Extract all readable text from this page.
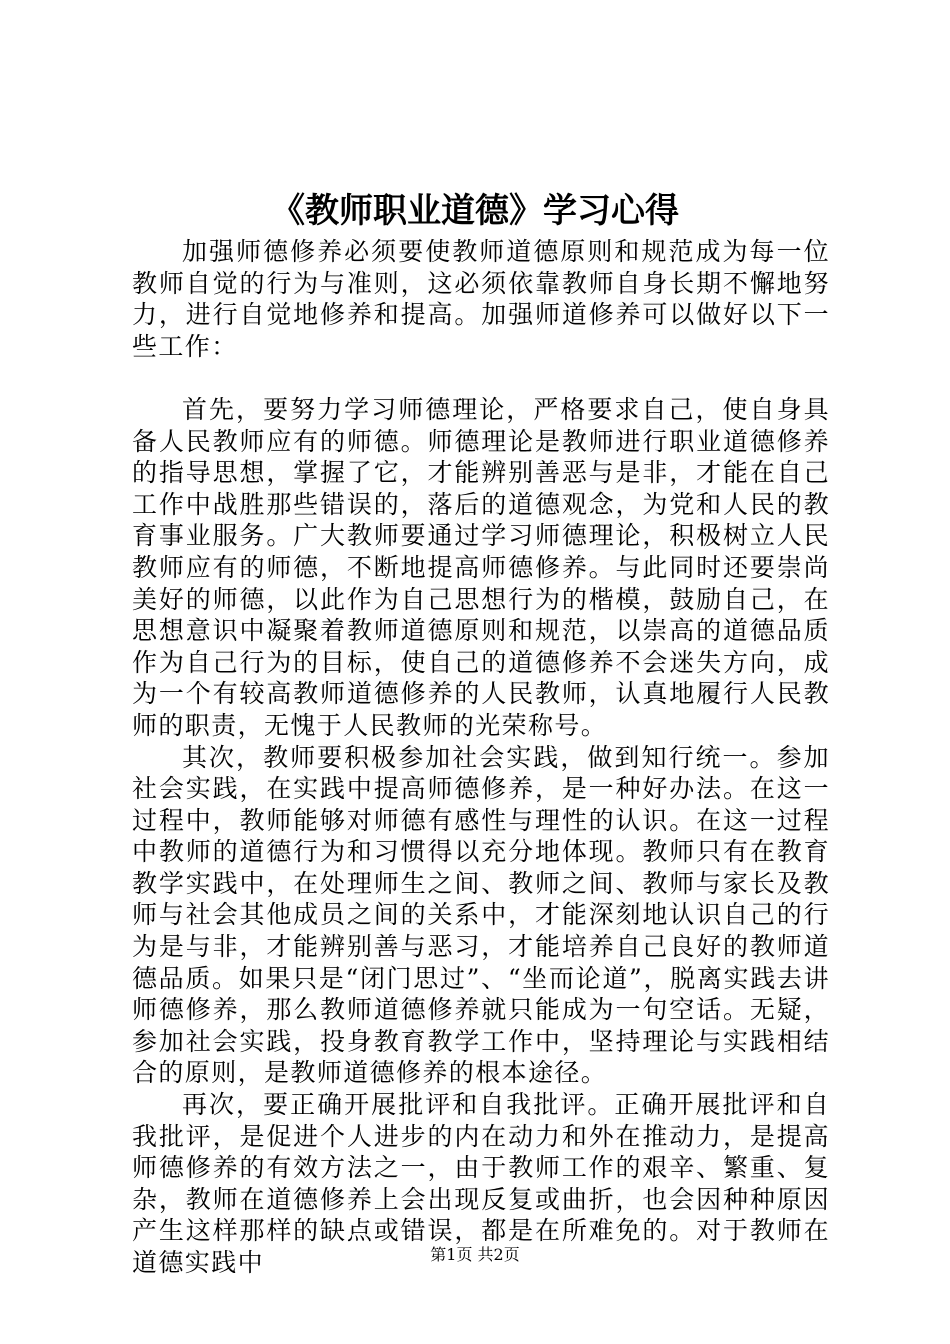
《教师职业道德》学习心得

加强师德修养必须要使教师道德原则和规范成为每一位教师自觉的行为与准则，这必须依靠教师自身长期不懈地努力，进行自觉地修养和提高。加强师道修养可以做好以下一些工作：

首先，要努力学习师德理论，严格要求自己，使自身具备人民教师应有的师德。师德理论是教师进行职业道德修养的指导思想，掌握了它，才能辨别善恶与是非，才能在自己工作中战胜那些错误的，落后的道德观念，为党和人民的教育事业服务。广大教师要通过学习师德理论，积极树立人民教师应有的师德，不断地提高师德修养。与此同时还要崇尚美好的师德，以此作为自己思想行为的楷模，鼓励自己，在思想意识中凝聚着教师道德原则和规范，以崇高的道德品质作为自己行为的目标，使自己的道德修养不会迷失方向，成为一个有较高教师道德修养的人民教师，认真地履行人民教师的职责，无愧于人民教师的光荣称号。

其次，教师要积极参加社会实践，做到知行统一。参加社会实践，在实践中提高师德修养，是一种好办法。在这一过程中，教师能够对师德有感性与理性的认识。在这一过程中教师的道德行为和习惯得以充分地体现。教师只有在教育教学实践中，在处理师生之间、教师之间、教师与家长及教师与社会其他成员之间的关系中，才能深刻地认识自己的行为是与非，才能辨别善与恶习，才能培养自己良好的教师道德品质。如果只是“闭门思过”、“坐而论道”，脱离实践去讲师德修养，那么教师道德修养就只能成为一句空话。无疑，参加社会实践，投身教育教学工作中，坚持理论与实践相结合的原则，是教师道德修养的根本途径。

再次，要正确开展批评和自我批评。正确开展批评和自我批评，是促进个人进步的内在动力和外在推动力，是提高师德修养的有效方法之一，由于教师工作的艰辛、繁重、复杂，教师在道德修养上会出现反复或曲折，也会因种种原因产生这样那样的缺点或错误，都是在所难免的。对于教师在道德实践中	第1页 共2页
